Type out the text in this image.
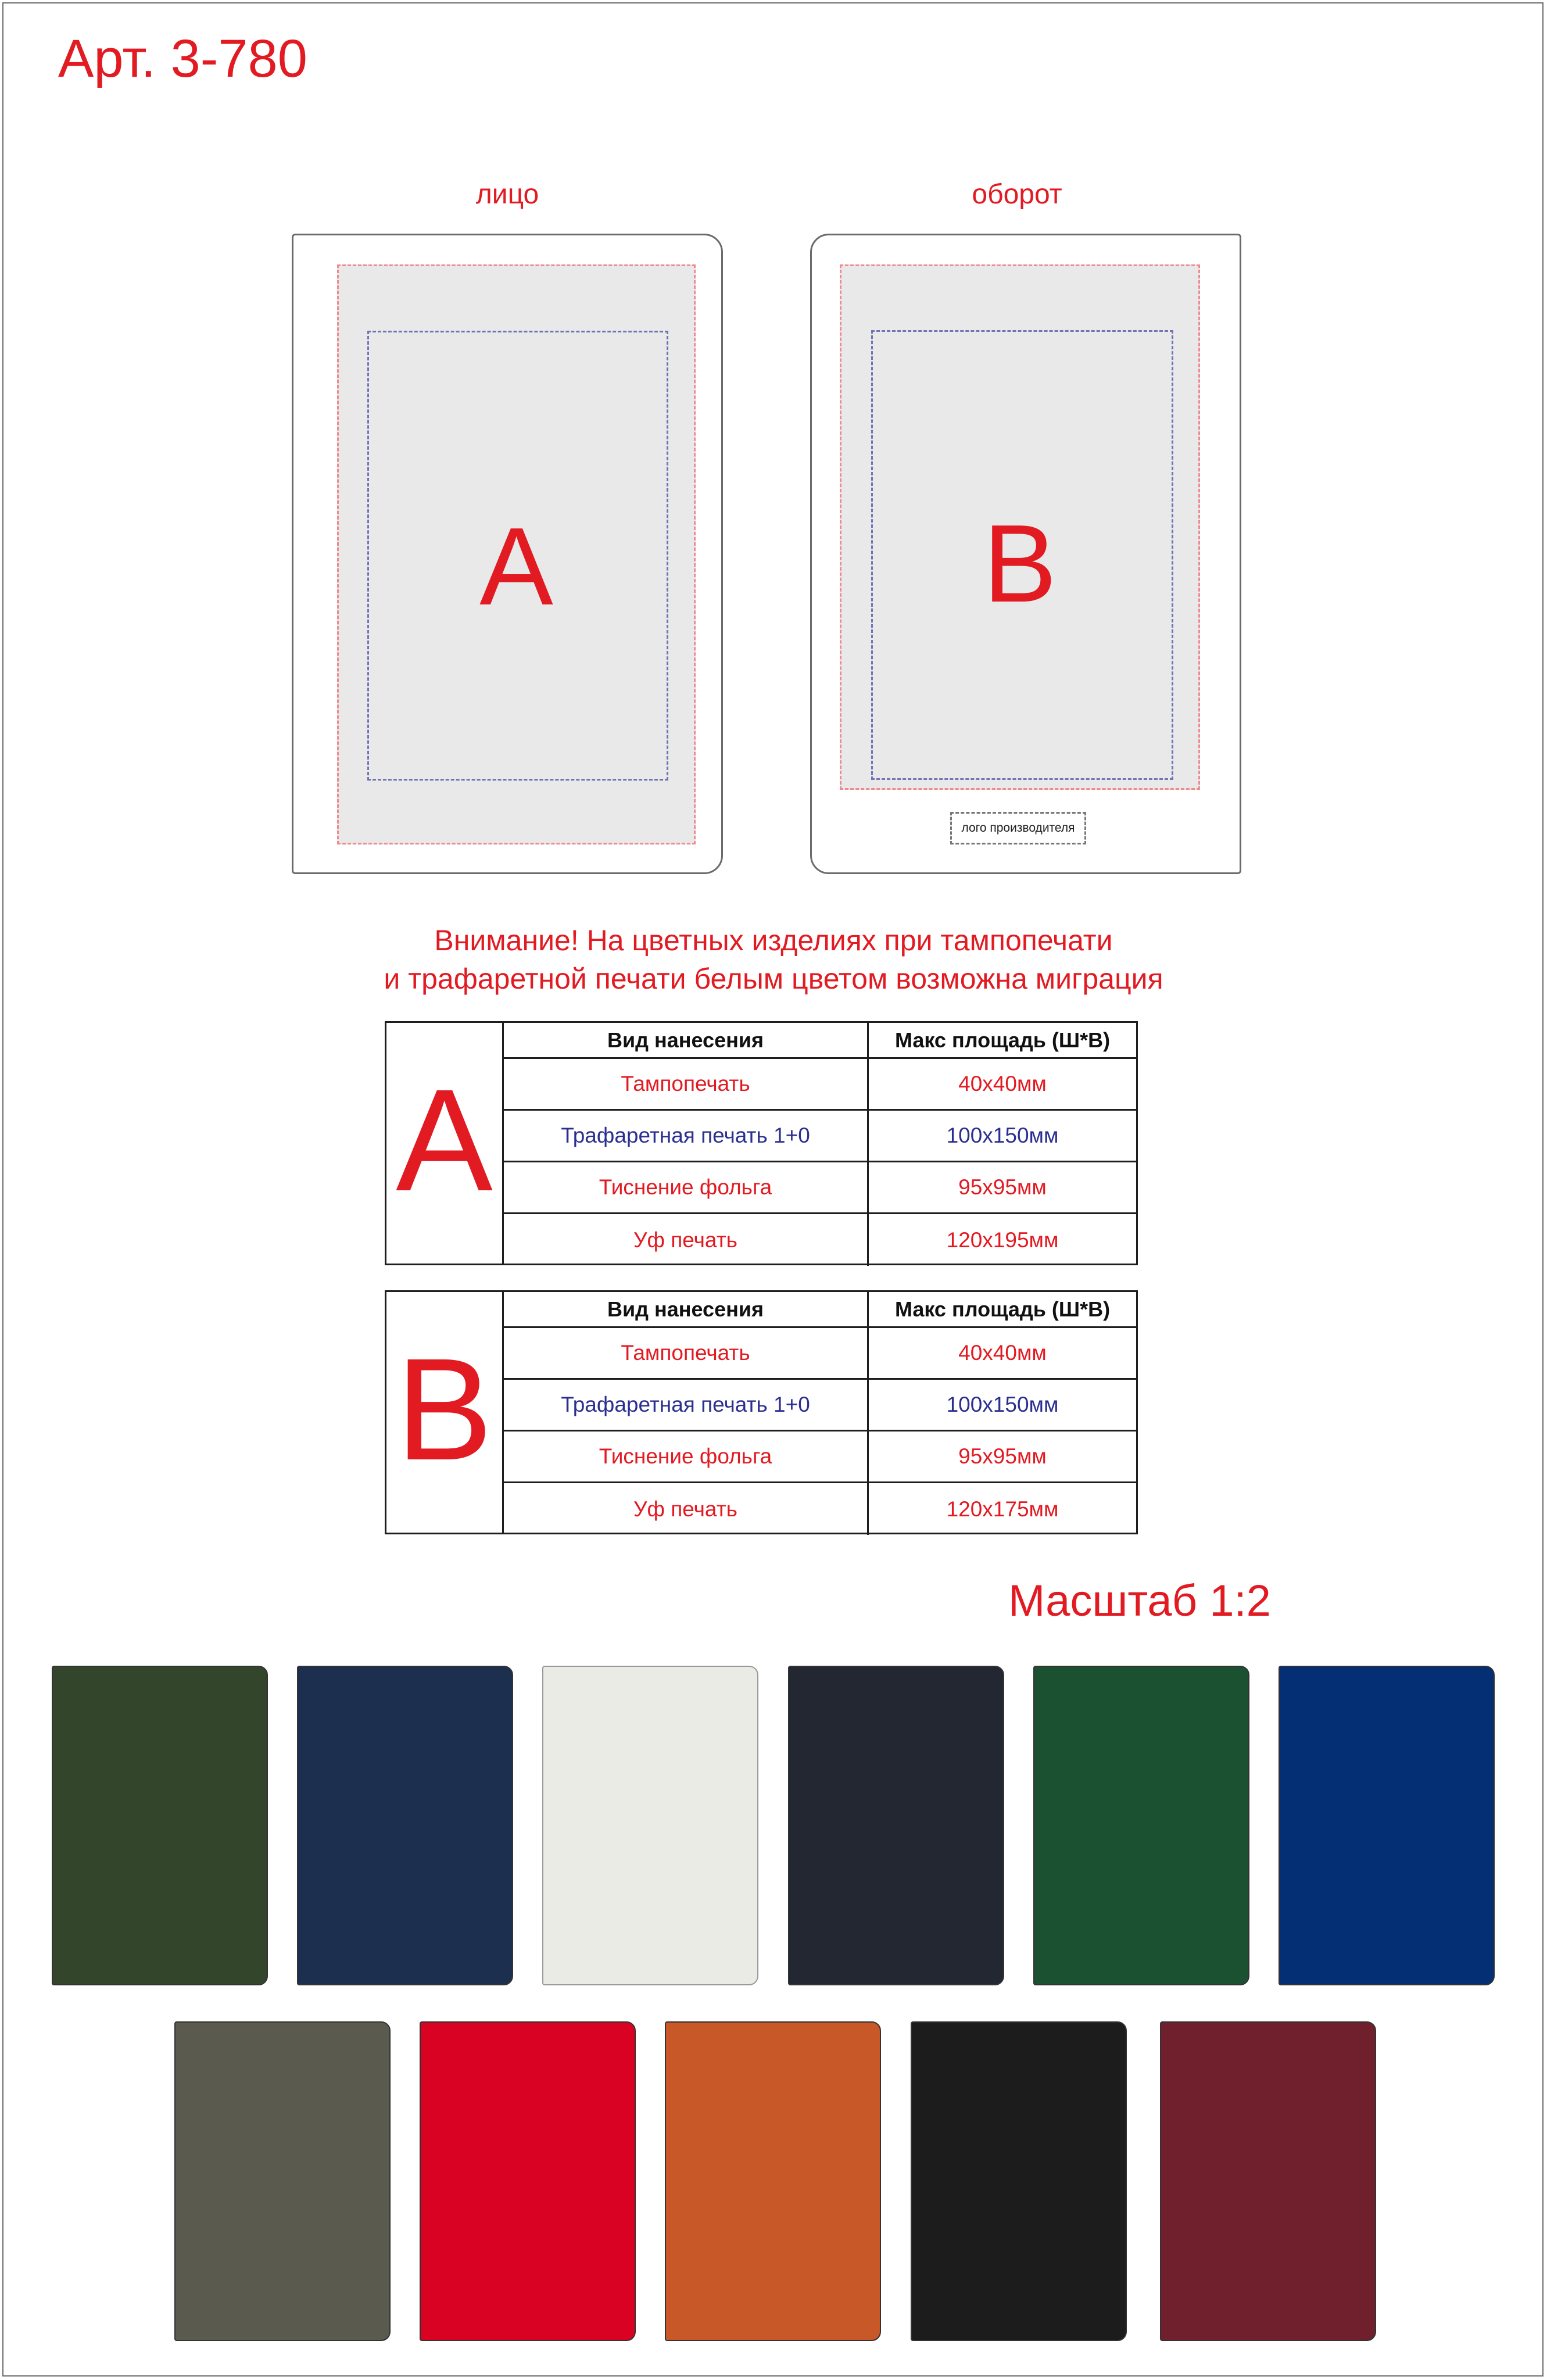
Арт. 3-780
лицо
A
оборот
B
лого производителя
Внимание! На цветных изделиях при тампопечати
и трафаретной печати белым цветом возможна миграция
A
Вид нанесения	Макс площадь (Ш*В)
Тампопечать	40х40мм
Трафаретная печать 1+0	100х150мм
Тиснение фольга	95х95мм
Уф печать	120х195мм
B
Вид нанесения	Макс площадь (Ш*В)
Тампопечать	40х40мм
Трафаретная печать 1+0	100х150мм
Тиснение фольга	95х95мм
Уф печать	120х175мм
Масштаб 1:2
